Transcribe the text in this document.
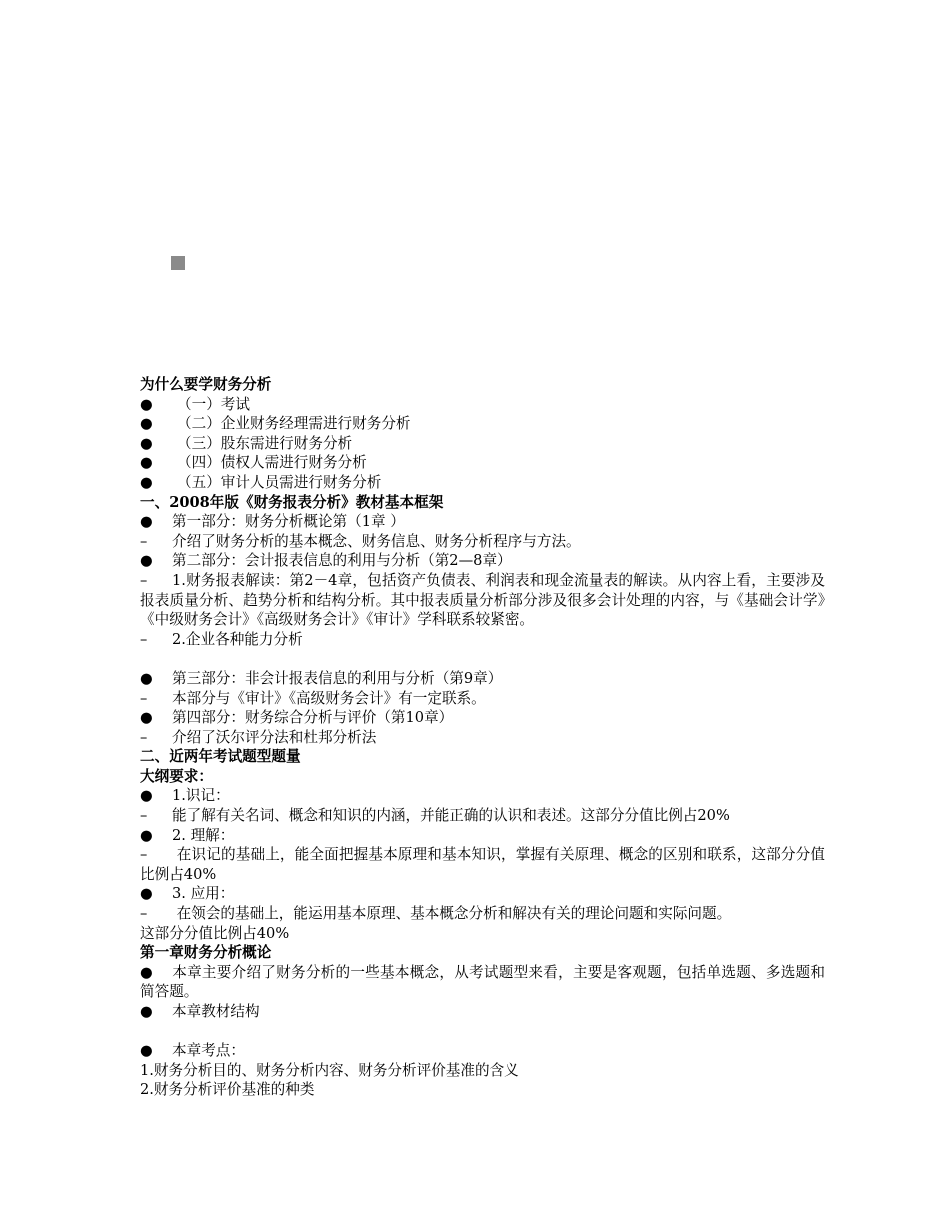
为什么要学财务分析
● （一）考试
● （二）企业财务经理需进行财务分析
● （三）股东需进行财务分析
● （四）债权人需进行财务分析
● （五）审计人员需进行财务分析
一、2008年版《财务报表分析》教材基本框架
● 第一部分：财务分析概论第（1章 ）
– 介绍了财务分析的基本概念、财务信息、财务分析程序与方法。
● 第二部分：会计报表信息的利用与分析（第2—8章）
– 1.财务报表解读：第2－4章，包括资产负债表、利润表和现金流量表的解读。从内容上看，主要涉及报表质量分析、趋势分析和结构分析。其中报表质量分析部分涉及很多会计处理的内容，与《基础会计学》《中级财务会计》《高级财务会计》《审计》学科联系较紧密。
– 2.企业各种能力分析
● 第三部分：非会计报表信息的利用与分析（第9章）
– 本部分与《审计》《高级财务会计》有一定联系。
● 第四部分：财务综合分析与评价（第10章）
– 介绍了沃尔评分法和杜邦分析法
二、近两年考试题型题量
大纲要求：
● 1.识记：
– 能了解有关名词、概念和知识的内涵，并能正确的认识和表述。这部分分值比例占20%
● 2. 理解：
– 在识记的基础上，能全面把握基本原理和基本知识，掌握有关原理、概念的区别和联系，这部分分值比例占40%
● 3. 应用：
– 在领会的基础上，能运用基本原理、基本概念分析和解决有关的理论问题和实际问题。
这部分分值比例占40%
第一章财务分析概论
● 本章主要介绍了财务分析的一些基本概念，从考试题型来看，主要是客观题，包括单选题、多选题和简答题。
● 本章教材结构
● 本章考点：
1.财务分析目的、财务分析内容、财务分析评价基准的含义
2.财务分析评价基准的种类
